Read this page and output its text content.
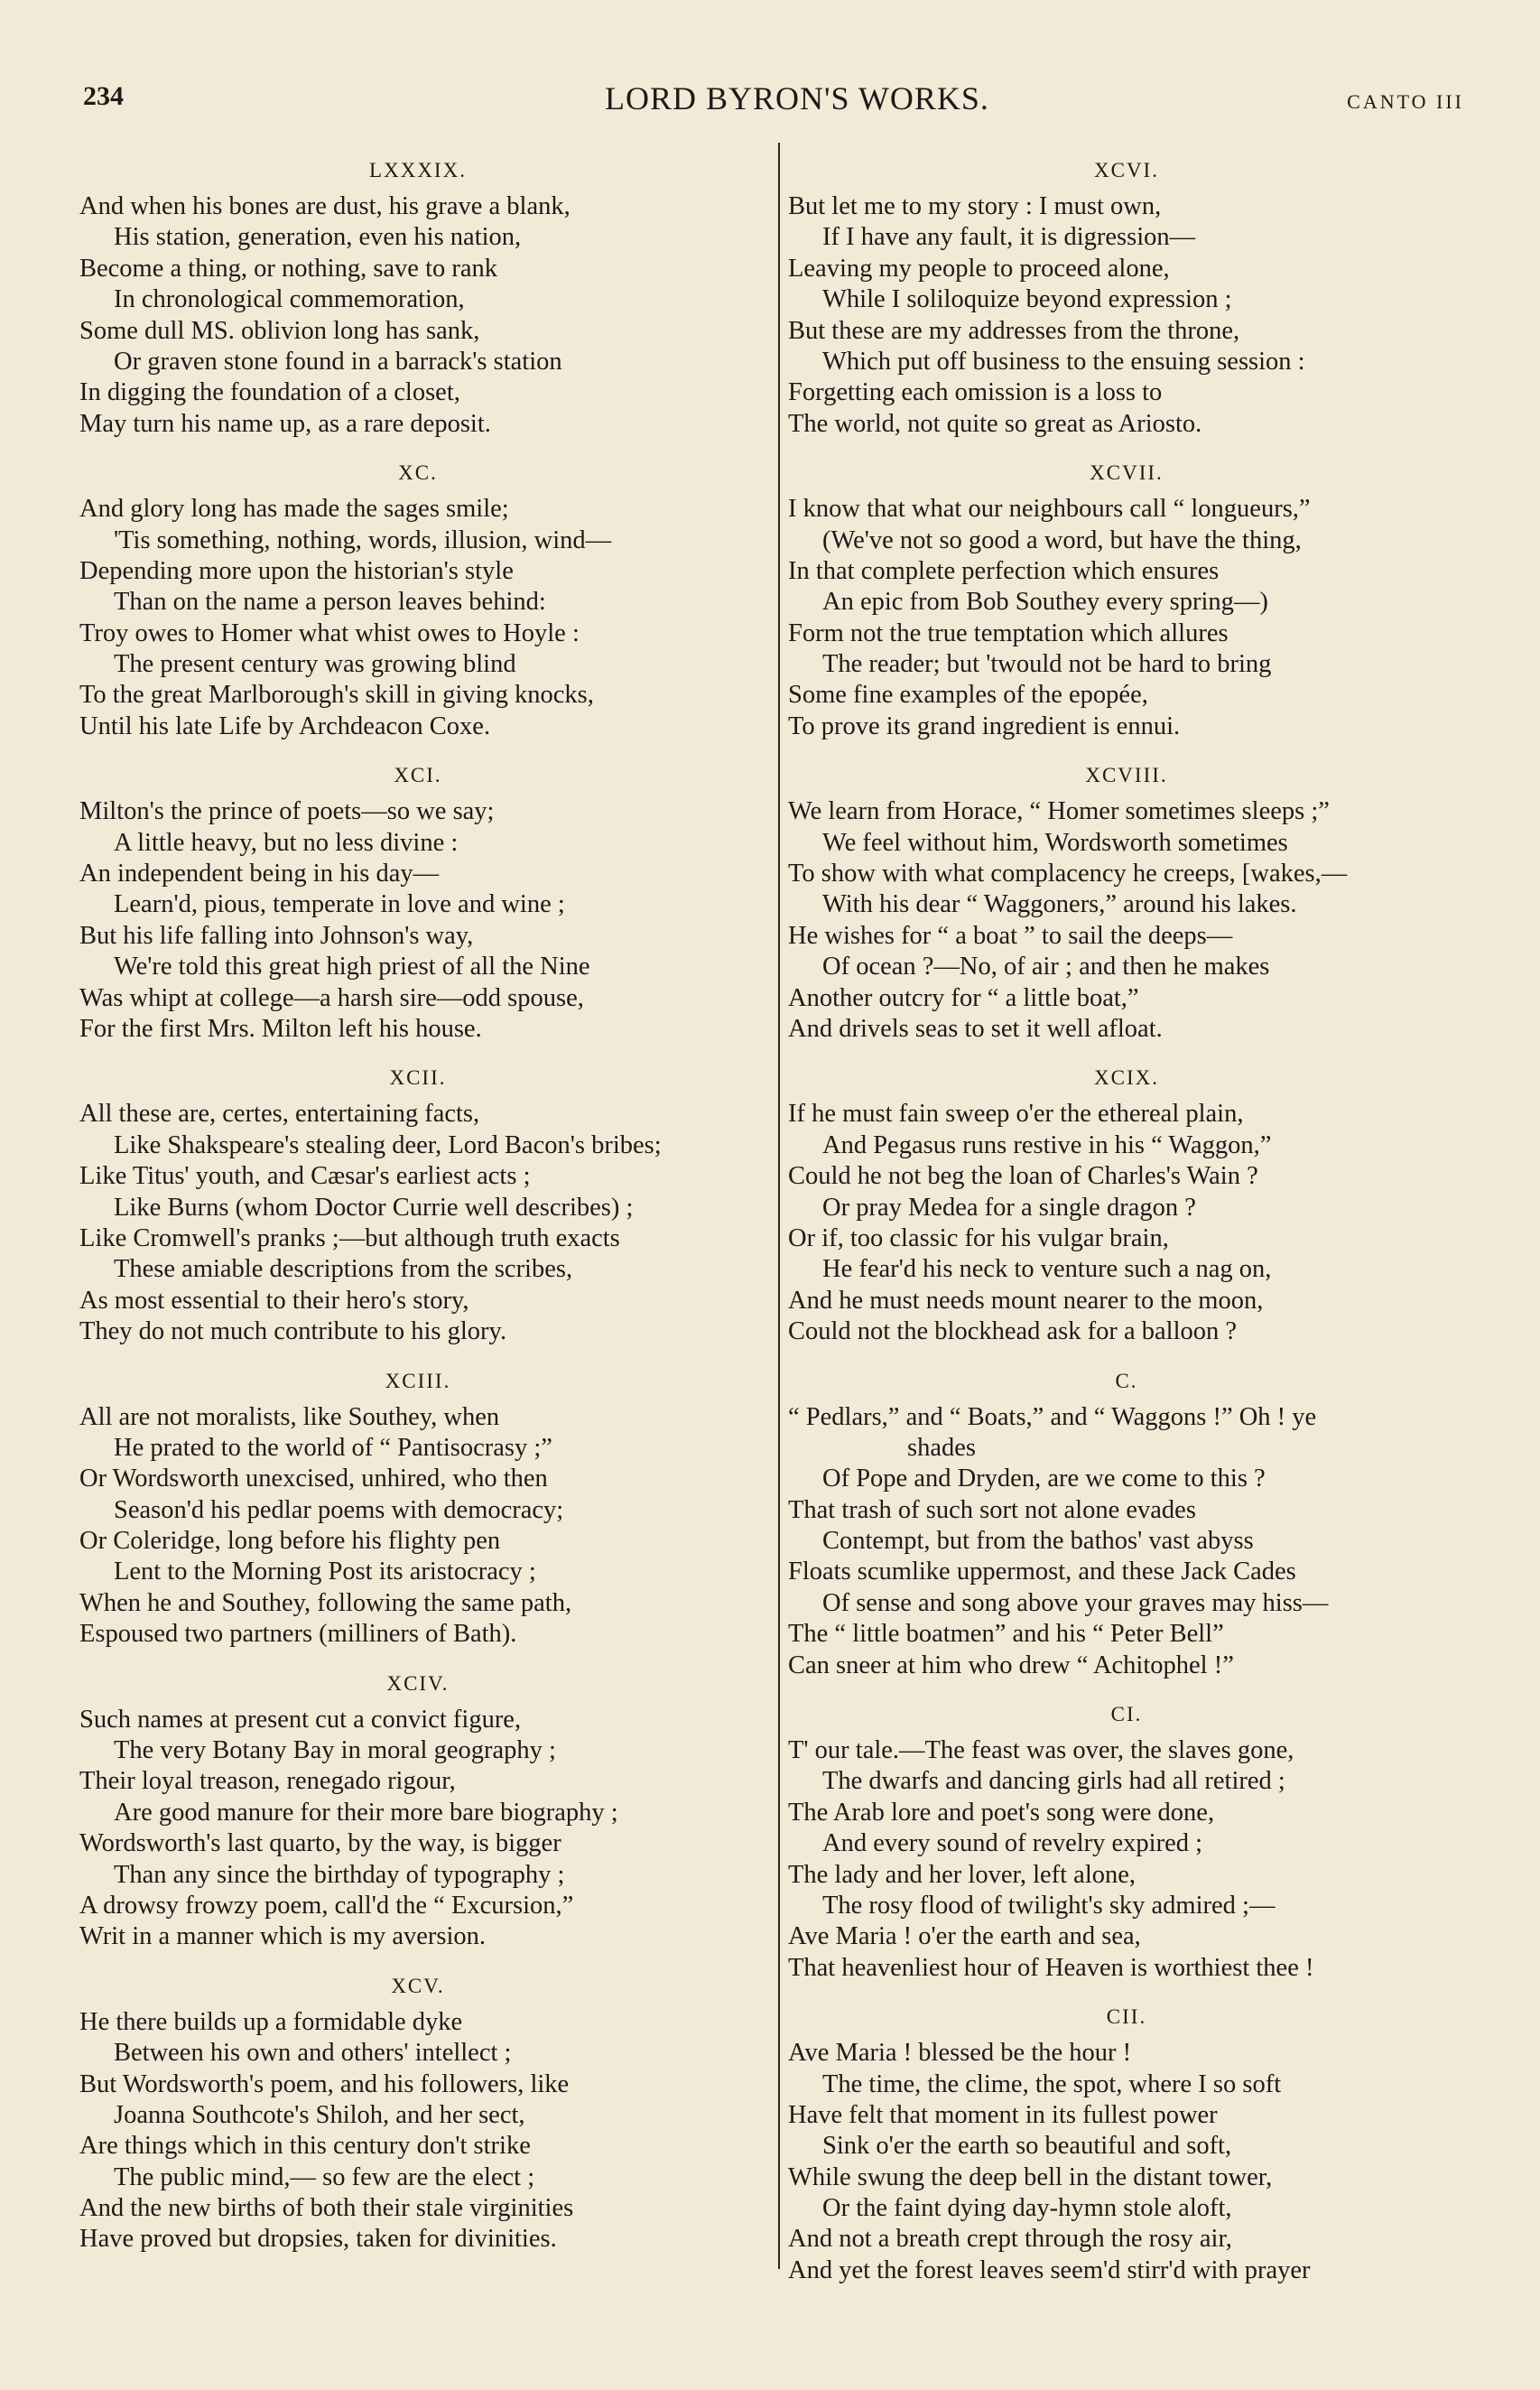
234	LORD BYRON'S WORKS.	CANTO III
LXXXIX.
And when his bones are dust, his grave a blank,
His station, generation, even his nation,
Become a thing, or nothing, save to rank
In chronological commemoration,
Some dull MS. oblivion long has sank,
Or graven stone found in a barrack's station
In digging the foundation of a closet,
May turn his name up, as a rare deposit.
XC.
And glory long has made the sages smile;
'Tis something, nothing, words, illusion, wind—
Depending more upon the historian's style
Than on the name a person leaves behind:
Troy owes to Homer what whist owes to Hoyle :
The present century was growing blind
To the great Marlborough's skill in giving knocks,
Until his late Life by Archdeacon Coxe.
XCI.
Milton's the prince of poets—so we say;
A little heavy, but no less divine :
An independent being in his day—
Learn'd, pious, temperate in love and wine ;
But his life falling into Johnson's way,
We're told this great high priest of all the Nine
Was whipt at college—a harsh sire—odd spouse,
For the first Mrs. Milton left his house.
XCII.
All these are, certes, entertaining facts,
Like Shakspeare's stealing deer, Lord Bacon's bribes;
Like Titus' youth, and Cæsar's earliest acts ;
Like Burns (whom Doctor Currie well describes) ;
Like Cromwell's pranks ;—but although truth exacts
These amiable descriptions from the scribes,
As most essential to their hero's story,
They do not much contribute to his glory.
XCIII.
All are not moralists, like Southey, when
He prated to the world of “ Pantisocrasy ;”
Or Wordsworth unexcised, unhired, who then
Season'd his pedlar poems with democracy;
Or Coleridge, long before his flighty pen
Lent to the Morning Post its aristocracy ;
When he and Southey, following the same path,
Espoused two partners (milliners of Bath).
XCIV.
Such names at present cut a convict figure,
The very Botany Bay in moral geography ;
Their loyal treason, renegado rigour,
Are good manure for their more bare biography ;
Wordsworth's last quarto, by the way, is bigger
Than any since the birthday of typography ;
A drowsy frowzy poem, call'd the “ Excursion,”
Writ in a manner which is my aversion.
XCV.
He there builds up a formidable dyke
Between his own and others' intellect ;
But Wordsworth's poem, and his followers, like
Joanna Southcote's Shiloh, and her sect,
Are things which in this century don't strike
The public mind,— so few are the elect ;
And the new births of both their stale virginities
Have proved but dropsies, taken for divinities.
XCVI.
But let me to my story : I must own,
If I have any fault, it is digression—
Leaving my people to proceed alone,
While I soliloquize beyond expression ;
But these are my addresses from the throne,
Which put off business to the ensuing session :
Forgetting each omission is a loss to
The world, not quite so great as Ariosto.
XCVII.
I know that what our neighbours call “ longueurs,”
(We've not so good a word, but have the thing,
In that complete perfection which ensures
An epic from Bob Southey every spring—)
Form not the true temptation which allures
The reader; but 'twould not be hard to bring
Some fine examples of the epopée,
To prove its grand ingredient is ennui.
XCVIII.
We learn from Horace, “ Homer sometimes sleeps ;”
We feel without him, Wordsworth sometimes
To show with what complacency he creeps, [wakes,—
With his dear “ Waggoners,” around his lakes.
He wishes for “ a boat ” to sail the deeps—
Of ocean ?—No, of air ; and then he makes
Another outcry for “ a little boat,”
And drivels seas to set it well afloat.
XCIX.
If he must fain sweep o'er the ethereal plain,
And Pegasus runs restive in his “ Waggon,”
Could he not beg the loan of Charles's Wain ?
Or pray Medea for a single dragon ?
Or if, too classic for his vulgar brain,
He fear'd his neck to venture such a nag on,
And he must needs mount nearer to the moon,
Could not the blockhead ask for a balloon ?
C.
“ Pedlars,” and “ Boats,” and “ Waggons !” Oh ! ye
shades
Of Pope and Dryden, are we come to this ?
That trash of such sort not alone evades
Contempt, but from the bathos' vast abyss
Floats scumlike uppermost, and these Jack Cades
Of sense and song above your graves may hiss—
The “ little boatmen” and his “ Peter Bell”
Can sneer at him who drew “ Achitophel !”
CI.
T' our tale.—The feast was over, the slaves gone,
The dwarfs and dancing girls had all retired ;
The Arab lore and poet's song were done,
And every sound of revelry expired ;
The lady and her lover, left alone,
The rosy flood of twilight's sky admired ;—
Ave Maria ! o'er the earth and sea,
That heavenliest hour of Heaven is worthiest thee !
CII.
Ave Maria ! blessed be the hour !
The time, the clime, the spot, where I so soft
Have felt that moment in its fullest power
Sink o'er the earth so beautiful and soft,
While swung the deep bell in the distant tower,
Or the faint dying day-hymn stole aloft,
And not a breath crept through the rosy air,
And yet the forest leaves seem'd stirr'd with prayer
